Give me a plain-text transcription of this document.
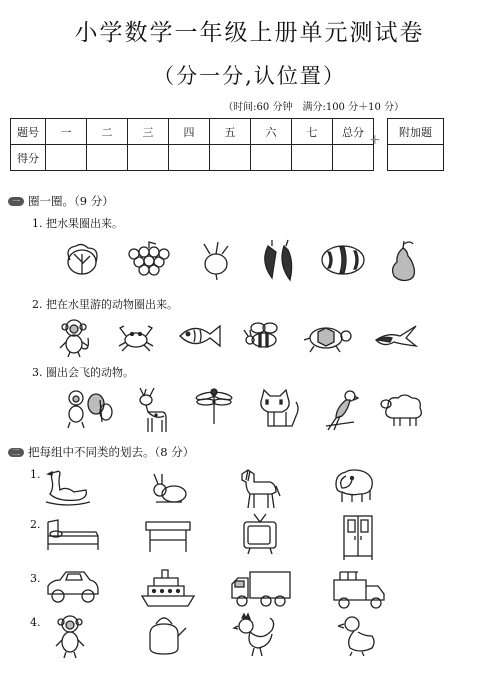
小学数学一年级上册单元测试卷
（分一分,认位置）
（时间:60 分钟　满分:100 分＋10 分）
题号	一	二	三	四	五	六	七	总分
得分								
+ 附加题

一 圈一圈。（9 分）
1. 把水果圈出来。
2. 把在水里游的动物圈出来。
3. 圈出会飞的动物。
二 把每组中不同类的划去。（8 分）
1.
2.
3.
4.
